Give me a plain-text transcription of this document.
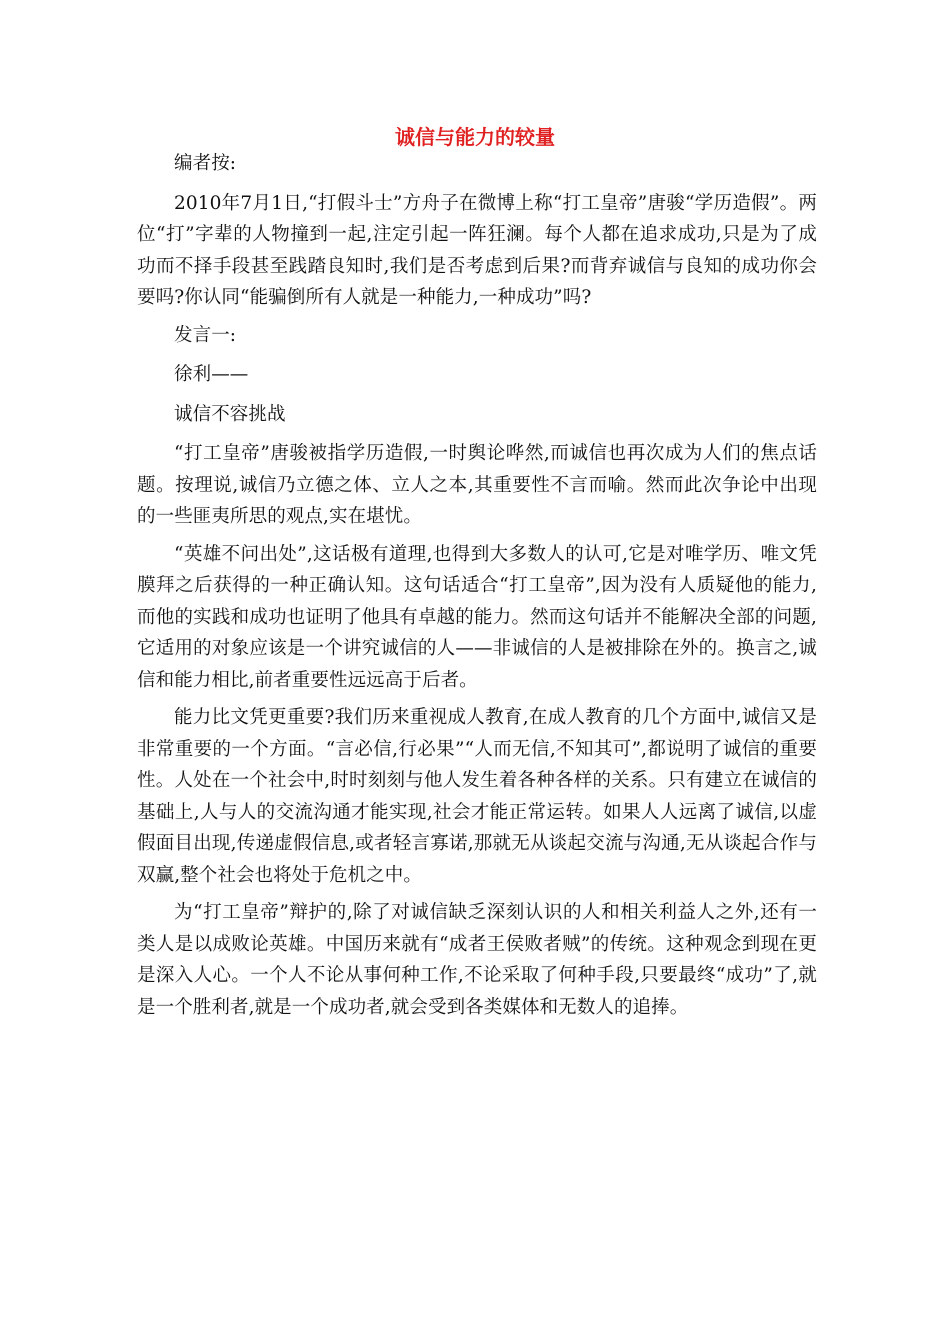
诚信与能力的较量

编者按:

2010年7月1日,“打假斗士”方舟子在微博上称“打工皇帝”唐骏“学历造假”。两位“打”字辈的人物撞到一起,注定引起一阵狂澜。每个人都在追求成功,只是为了成功而不择手段甚至践踏良知时,我们是否考虑到后果?而背弃诚信与良知的成功你会要吗?你认同“能骗倒所有人就是一种能力,一种成功”吗?

发言一:

徐利——

诚信不容挑战

“打工皇帝”唐骏被指学历造假,一时舆论哗然,而诚信也再次成为人们的焦点话题。按理说,诚信乃立德之体、立人之本,其重要性不言而喻。然而此次争论中出现的一些匪夷所思的观点,实在堪忧。

“英雄不问出处”,这话极有道理,也得到大多数人的认可,它是对唯学历、唯文凭膜拜之后获得的一种正确认知。这句话适合“打工皇帝”,因为没有人质疑他的能力,而他的实践和成功也证明了他具有卓越的能力。然而这句话并不能解决全部的问题,它适用的对象应该是一个讲究诚信的人——非诚信的人是被排除在外的。换言之,诚信和能力相比,前者重要性远远高于后者。

能力比文凭更重要?我们历来重视成人教育,在成人教育的几个方面中,诚信又是非常重要的一个方面。“言必信,行必果”“人而无信,不知其可”,都说明了诚信的重要性。人处在一个社会中,时时刻刻与他人发生着各种各样的关系。只有建立在诚信的基础上,人与人的交流沟通才能实现,社会才能正常运转。如果人人远离了诚信,以虚假面目出现,传递虚假信息,或者轻言寡诺,那就无从谈起交流与沟通,无从谈起合作与双赢,整个社会也将处于危机之中。

为“打工皇帝”辩护的,除了对诚信缺乏深刻认识的人和相关利益人之外,还有一类人是以成败论英雄。中国历来就有“成者王侯败者贼”的传统。这种观念到现在更是深入人心。一个人不论从事何种工作,不论采取了何种手段,只要最终“成功”了,就是一个胜利者,就是一个成功者,就会受到各类媒体和无数人的追捧。
